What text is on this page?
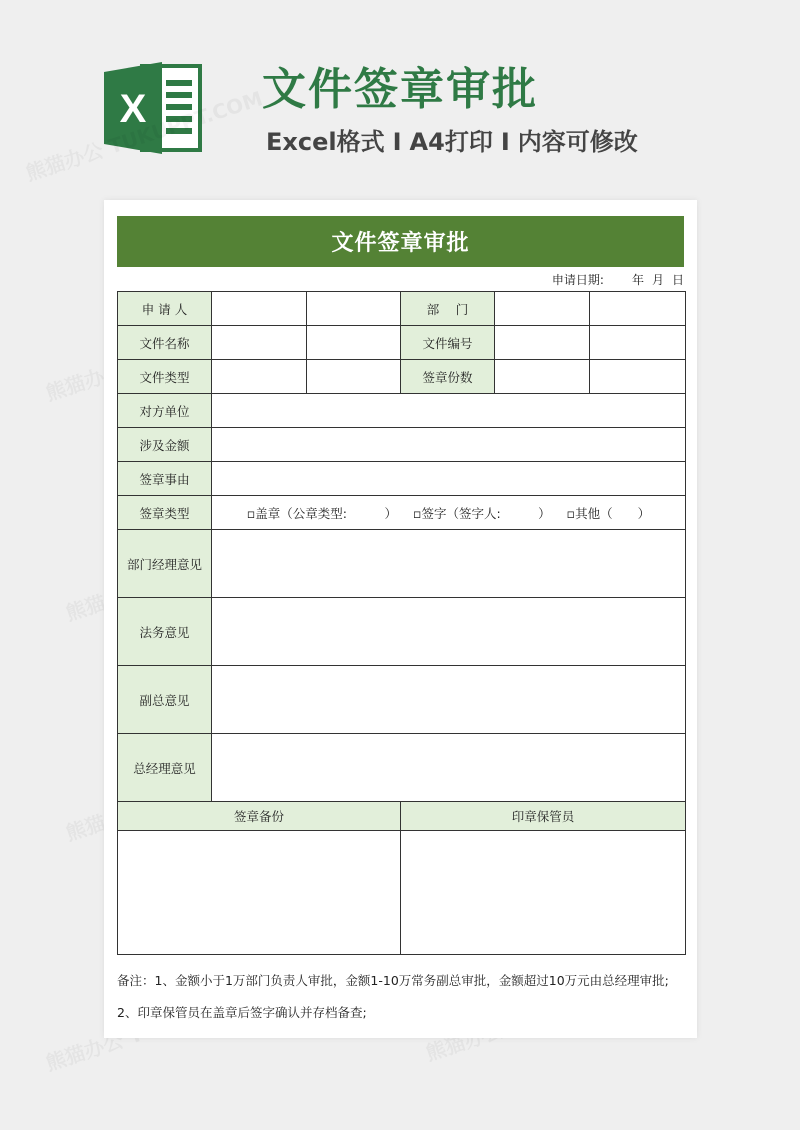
X	文件签章审批
Excel格式 I A4打印 I 内容可修改
文件签章审批
申请日期: 年 月 日
申 请 人			部　 门		
文件名称			文件编号		
文件类型			签章份数		
对方单位					
涉及金额					
签章事由					
签章类型	▫盖章（公章类型:　　　） ▫签字（签字人:　　　） ▫其他（　　）				
部门经理意见					
法务意见					
副总意见					
总经理意见					
签章备份			印章保管员		

备注：1、金额小于1万部门负责人审批，金额1-10万常务副总审批，金额超过10万元由总经理审批;
2、印章保管员在盖章后签字确认并存档备查;
